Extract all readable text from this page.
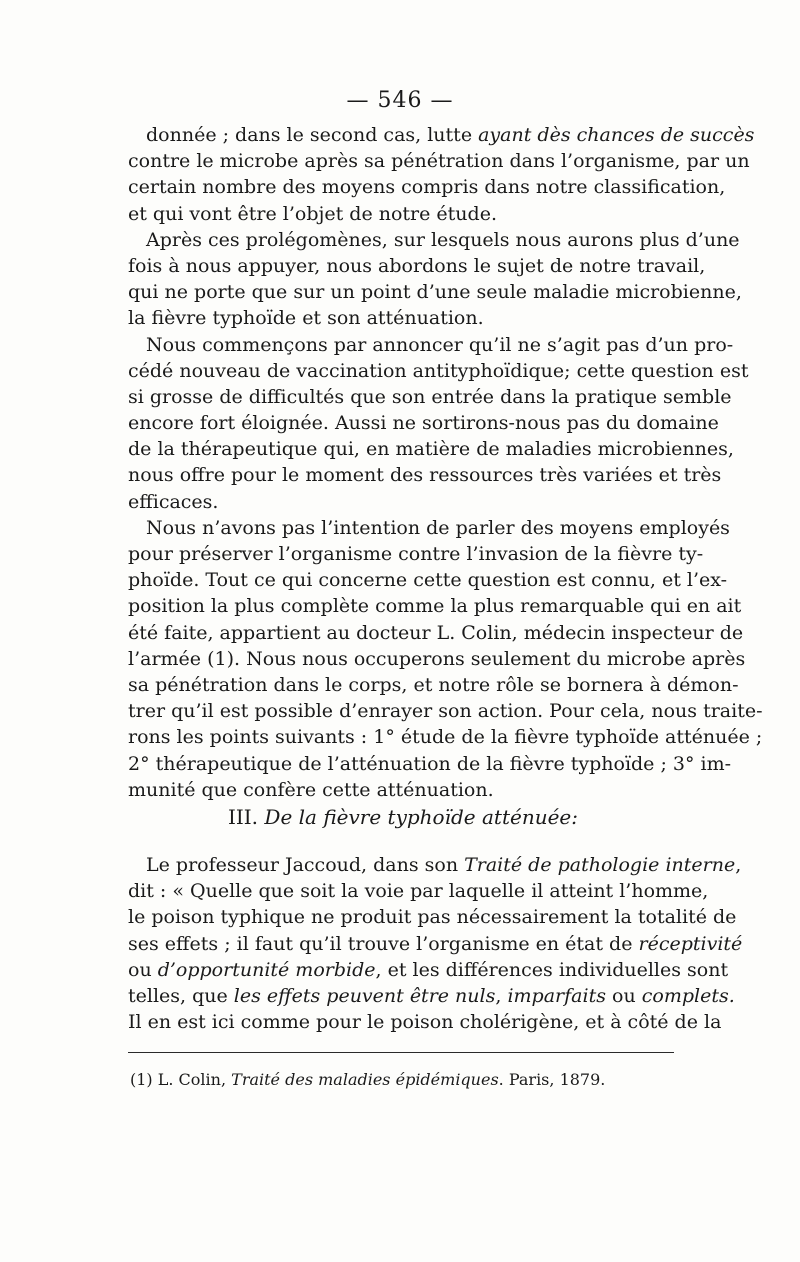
— 546 —
donnée ; dans le second cas, lutte ayant dès chances de succès
contre le microbe après sa pénétration dans l’organisme, par un
certain nombre des moyens compris dans notre classification,
et qui vont être l’objet de notre étude.
Après ces prolégomènes, sur lesquels nous aurons plus d’une
fois à nous appuyer, nous abordons le sujet de notre travail,
qui ne porte que sur un point d’une seule maladie microbienne,
la fièvre typhoïde et son atténuation.
Nous commençons par annoncer qu’il ne s’agit pas d’un pro-
cédé nouveau de vaccination antityphoïdique; cette question est
si grosse de difficultés que son entrée dans la pratique semble
encore fort éloignée. Aussi ne sortirons-nous pas du domaine
de la thérapeutique qui, en matière de maladies microbiennes,
nous offre pour le moment des ressources très variées et très
efficaces.
Nous n’avons pas l’intention de parler des moyens employés
pour préserver l’organisme contre l’invasion de la fièvre ty-
phoïde. Tout ce qui concerne cette question est connu, et l’ex-
position la plus complète comme la plus remarquable qui en ait
été faite, appartient au docteur L. Colin, médecin inspecteur de
l’armée (1). Nous nous occuperons seulement du microbe après
sa pénétration dans le corps, et notre rôle se bornera à démon-
trer qu’il est possible d’enrayer son action. Pour cela, nous traite-
rons les points suivants : 1° étude de la fièvre typhoïde atténuée ;
2° thérapeutique de l’atténuation de la fièvre typhoïde ; 3° im-
munité que confère cette atténuation.
III. De la fièvre typhoïde atténuée:
Le professeur Jaccoud, dans son Traité de pathologie interne,
dit : « Quelle que soit la voie par laquelle il atteint l’homme,
le poison typhique ne produit pas nécessairement la totalité de
ses effets ; il faut qu’il trouve l’organisme en état de réceptivité
ou d’opportunité morbide, et les différences individuelles sont
telles, que les effets peuvent être nuls, imparfaits ou complets.
Il en est ici comme pour le poison cholérigène, et à côté de la
(1) L. Colin, Traité des maladies épidémiques. Paris, 1879.
